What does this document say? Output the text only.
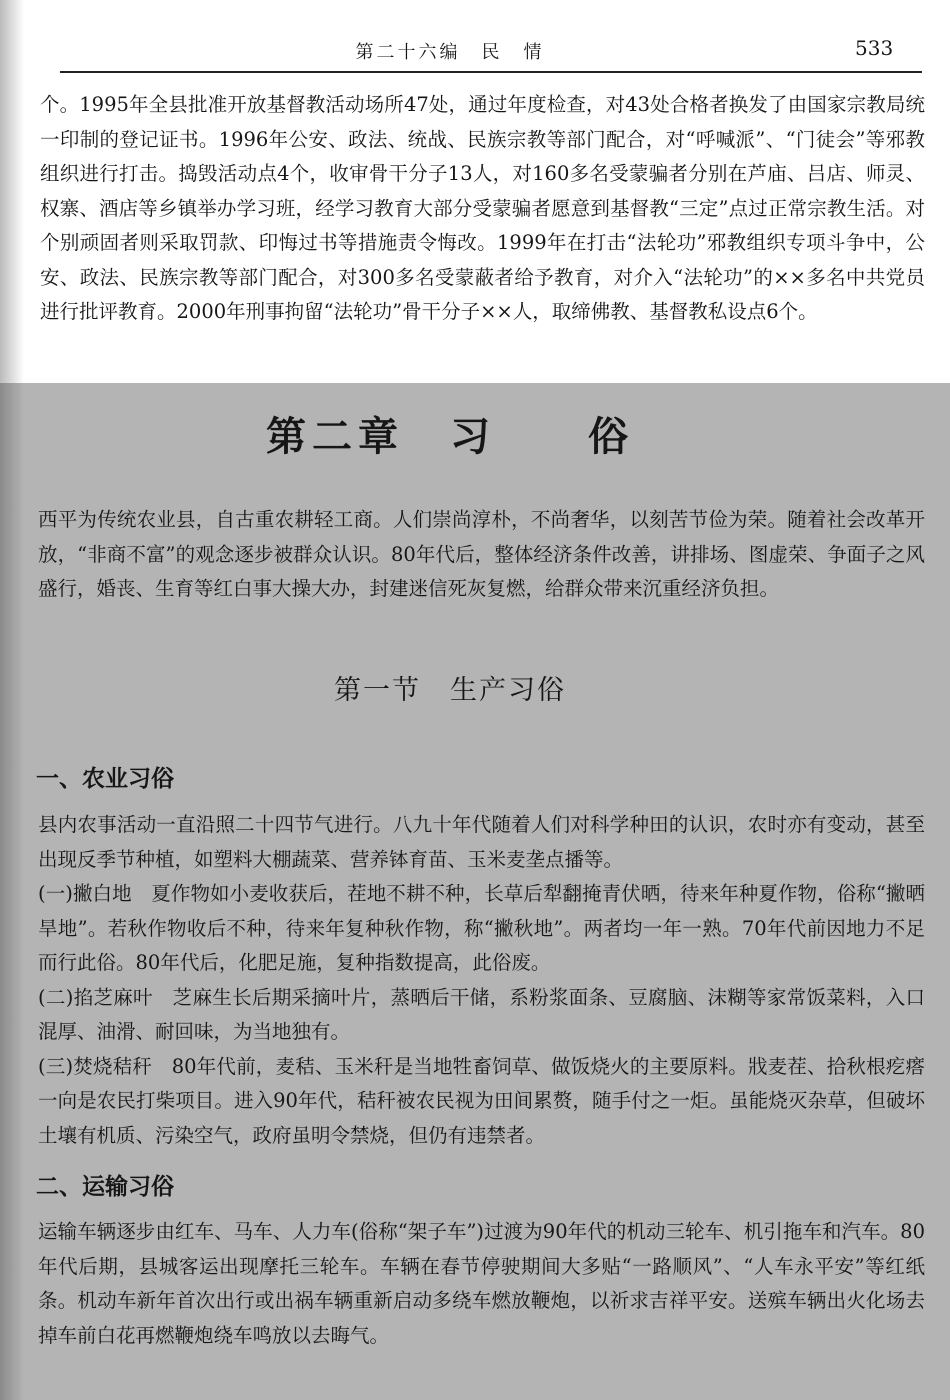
第二十六编　民　情	533

个。1995年全县批准开放基督教活动场所47处，通过年度检查，对43处合格者换发了由国家宗教局统一印制的登记证书。1996年公安、政法、统战、民族宗教等部门配合，对“呼喊派”、“门徒会”等邪教组织进行打击。捣毁活动点4个，收审骨干分子13人，对160多名受蒙骗者分别在芦庙、吕店、师灵、权寨、酒店等乡镇举办学习班，经学习教育大部分受蒙骗者愿意到基督教“三定”点过正常宗教生活。对个别顽固者则采取罚款、印悔过书等措施责令悔改。1999年在打击“法轮功”邪教组织专项斗争中，公安、政法、民族宗教等部门配合，对300多名受蒙蔽者给予教育，对介入“法轮功”的××多名中共党员进行批评教育。2000年刑事拘留“法轮功”骨干分子××人，取缔佛教、基督教私设点6个。

第二章　习　　俗

西平为传统农业县，自古重农耕轻工商。人们崇尚淳朴，不尚奢华，以刻苦节俭为荣。随着社会改革开放，“非商不富”的观念逐步被群众认识。80年代后，整体经济条件改善，讲排场、图虚荣、争面子之风盛行，婚丧、生育等红白事大操大办，封建迷信死灰复燃，给群众带来沉重经济负担。

第一节　生产习俗
一、农业习俗

县内农事活动一直沿照二十四节气进行。八九十年代随着人们对科学种田的认识，农时亦有变动，甚至出现反季节种植，如塑料大棚蔬菜、营养钵育苗、玉米麦垄点播等。

(一)撇白地　夏作物如小麦收获后，茬地不耕不种，长草后犁翻掩青伏晒，待来年种夏作物，俗称“撇晒旱地”。若秋作物收后不种，待来年复种秋作物，称“撇秋地”。两者均一年一熟。70年代前因地力不足而行此俗。80年代后，化肥足施，复种指数提高，此俗废。

(二)掐芝麻叶　芝麻生长后期采摘叶片，蒸晒后干储，系粉浆面条、豆腐脑、沫糊等家常饭菜料，入口混厚、油滑、耐回味，为当地独有。

(三)焚烧秸秆　80年代前，麦秸、玉米秆是当地牲畜饲草、做饭烧火的主要原料。戕麦茬、拾秋根疙瘩一向是农民打柴项目。进入90年代，秸秆被农民视为田间累赘，随手付之一炬。虽能烧灭杂草，但破坏土壤有机质、污染空气，政府虽明令禁烧，但仍有违禁者。

二、运输习俗

运输车辆逐步由红车、马车、人力车(俗称“架子车”)过渡为90年代的机动三轮车、机引拖车和汽车。80年代后期，县城客运出现摩托三轮车。车辆在春节停驶期间大多贴“一路顺风”、“人车永平安”等红纸条。机动车新年首次出行或出祸车辆重新启动多绕车燃放鞭炮，以祈求吉祥平安。送殡车辆出火化场去掉车前白花再燃鞭炮绕车鸣放以去晦气。
